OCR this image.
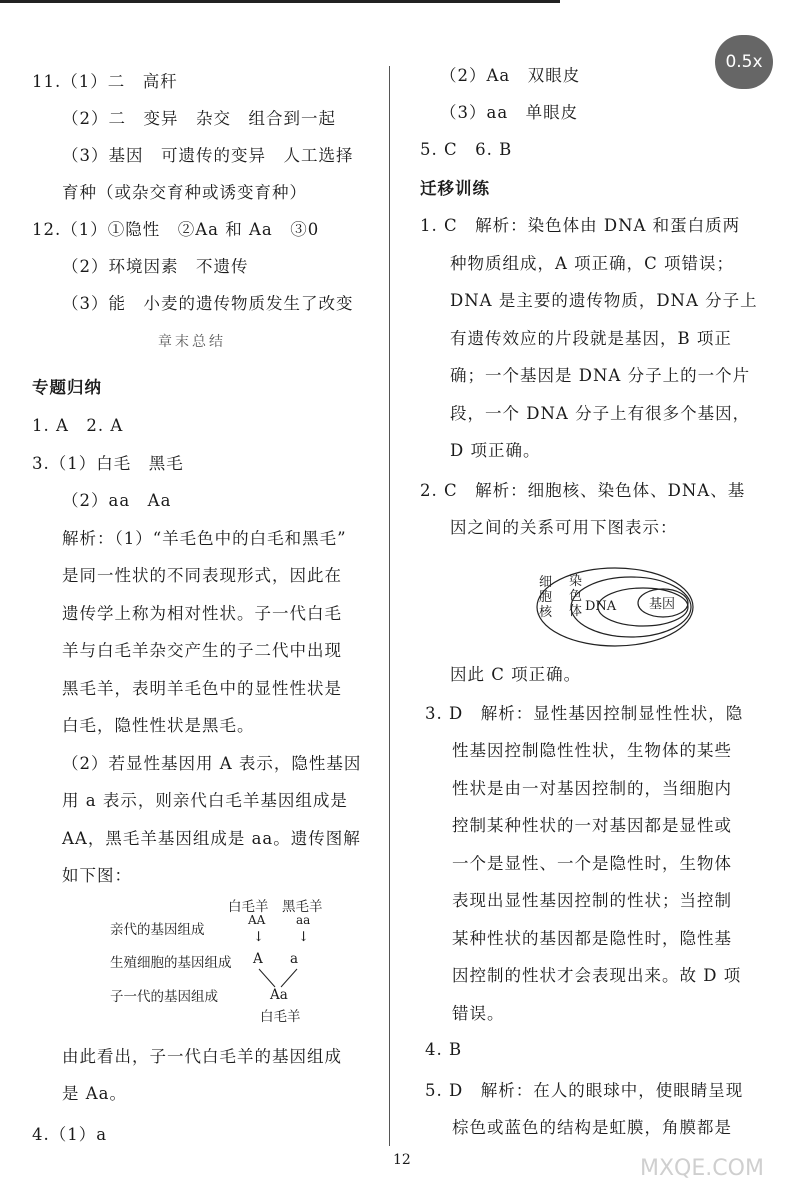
0.5x
11.（1）二　高秆
（2）二　变异　杂交　组合到一起
（3）基因　可遗传的变异　人工选择
育种（或杂交育种或诱变育种）
12.（1）①隐性　②Aa 和 Aa　③0
（2）环境因素　不遗传
（3）能　小麦的遗传物质发生了改变
章末总结
专题归纳
1. A　2. A
3.（1）白毛　黑毛
（2）aa　Aa
解析：（1）“羊毛色中的白毛和黑毛”
是同一性状的不同表现形式，因此在
遗传学上称为相对性状。子一代白毛
羊与白毛羊杂交产生的子二代中出现
黑毛羊，表明羊毛色中的显性性状是
白毛，隐性性状是黑毛。
（2）若显性基因用 A 表示，隐性基因
用 a 表示，则亲代白毛羊基因组成是
AA，黑毛羊基因组成是 aa。遗传图解
如下图：
白毛羊 黑毛羊
亲代的基因组成
AA	aa
↓ ↓
生殖细胞的基因组成 A a
子一代的基因组成	Aa
白毛羊
由此看出，子一代白毛羊的基因组成
是 Aa。
4.（1）a
（2）Aa　双眼皮
（3）aa　单眼皮
5. C　6. B
迁移训练
1. C　解析：染色体由 DNA 和蛋白质两
种物质组成，A 项正确，C 项错误；
DNA 是主要的遗传物质，DNA 分子上
有遗传效应的片段就是基因，B 项正
确；一个基因是 DNA 分子上的一个片
段，一个 DNA 分子上有很多个基因，
D 项正确。
2. C　解析：细胞核、染色体、DNA、基
因之间的关系可用下图表示：
细胞核
染色体 DNA	基因
因此 C 项正确。
3. D　解析：显性基因控制显性性状，隐
性基因控制隐性性状，生物体的某些
性状是由一对基因控制的，当细胞内
控制某种性状的一对基因都是显性或
一个是显性、一个是隐性时，生物体
表现出显性基因控制的性状；当控制
某种性状的基因都是隐性时，隐性基
因控制的性状才会表现出来。故 D 项
错误。
4. B
5. D　解析：在人的眼球中，使眼睛呈现
棕色或蓝色的结构是虹膜，角膜都是
12	MXQE.COM
